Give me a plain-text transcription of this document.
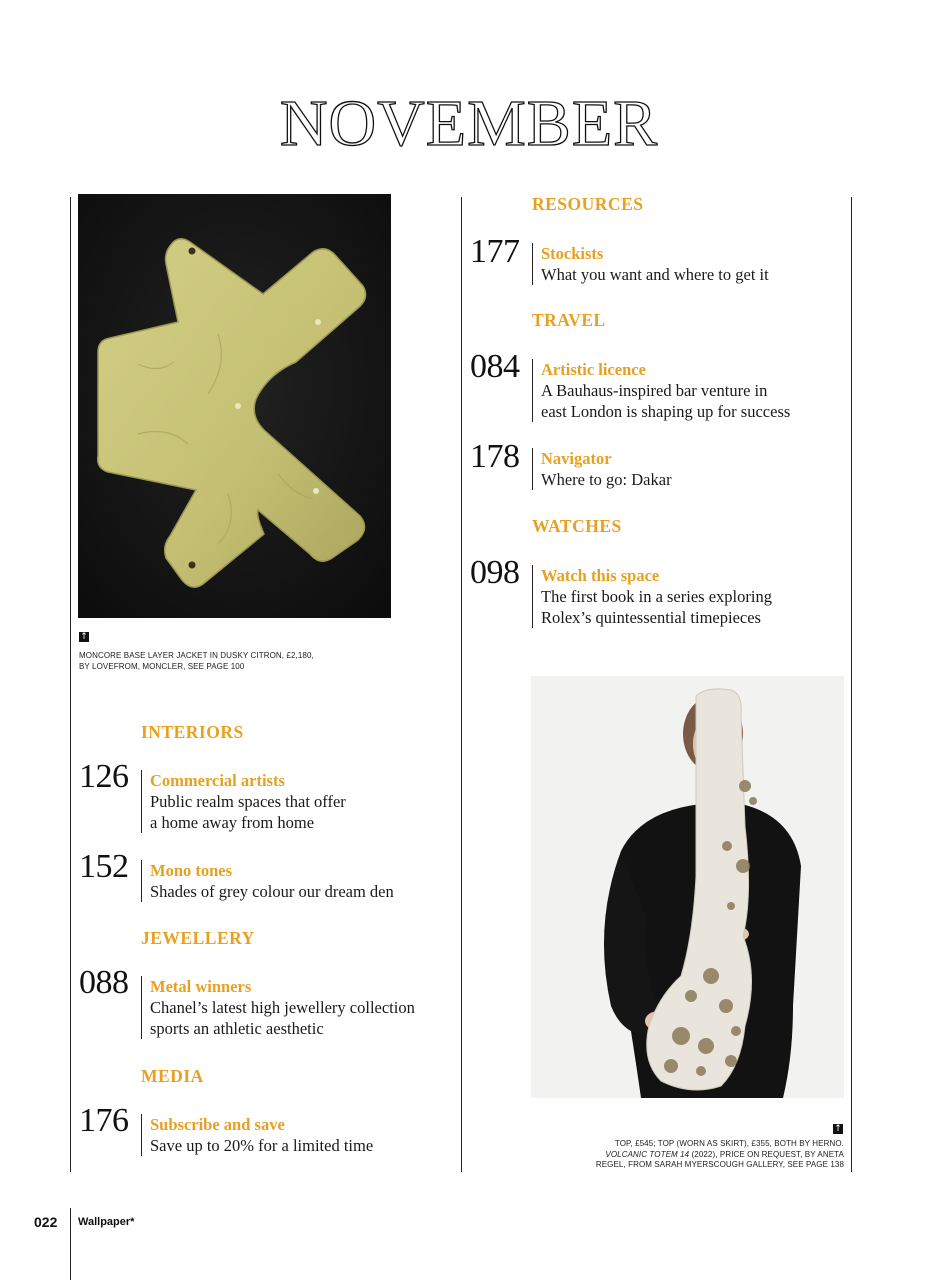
NOVEMBER
↑
MONCORE BASE LAYER JACKET IN DUSKY CITRON, £2,180,
BY LOVEFROM, MONCLER, SEE PAGE 100
INTERIORS
126 Commercial artists
Public realm spaces that offer
a home away from home
152 Mono tones
Shades of grey colour our dream den
JEWELLERY
088 Metal winners
Chanel’s latest high jewellery collection
sports an athletic aesthetic
MEDIA
176 Subscribe and save
Save up to 20% for a limited time
RESOURCES
177 Stockists
What you want and where to get it
TRAVEL
084 Artistic licence
A Bauhaus-inspired bar venture in
east London is shaping up for success
178 Navigator
Where to go: Dakar
WATCHES
098 Watch this space
The first book in a series exploring
Rolex’s quintessential timepieces
↑
TOP, £545; TOP (WORN AS SKIRT), £355, BOTH BY HERNO.
VOLCANIC TOTEM 14 (2022), PRICE ON REQUEST, BY ANETA
REGEL, FROM SARAH MYERSCOUGH GALLERY, SEE PAGE 138
022 Wallpaper*
